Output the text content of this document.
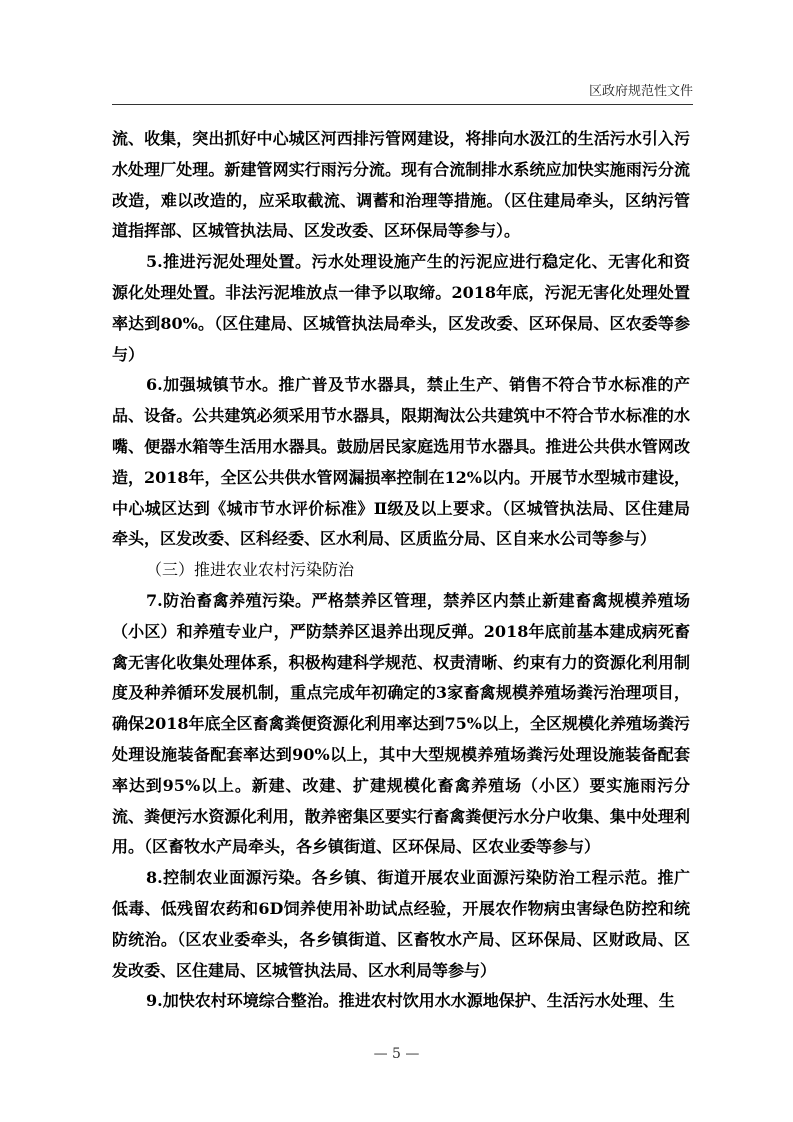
区政府规范性文件

流、收集，突出抓好中心城区河西排污管网建设，将排向水汲江的生活污水引入污水处理厂处理。新建管网实行雨污分流。现有合流制排水系统应加快实施雨污分流改造，难以改造的，应采取截流、调蓄和治理等措施。（区住建局牵头，区纳污管道指挥部、区城管执法局、区发改委、区环保局等参与）。

5.推进污泥处理处置。污水处理设施产生的污泥应进行稳定化、无害化和资源化处理处置。非法污泥堆放点一律予以取缔。2018年底，污泥无害化处理处置率达到80%。（区住建局、区城管执法局牵头，区发改委、区环保局、区农委等参与）

6.加强城镇节水。推广普及节水器具，禁止生产、销售不符合节水标准的产品、设备。公共建筑必须采用节水器具，限期淘汰公共建筑中不符合节水标准的水嘴、便器水箱等生活用水器具。鼓励居民家庭选用节水器具。推进公共供水管网改造，2018年，全区公共供水管网漏损率控制在12%以内。开展节水型城市建设，中心城区达到《城市节水评价标准》Ⅱ级及以上要求。（区城管执法局、区住建局牵头，区发改委、区科经委、区水利局、区质监分局、区自来水公司等参与）

（三）推进农业农村污染防治

7.防治畜禽养殖污染。严格禁养区管理，禁养区内禁止新建畜禽规模养殖场（小区）和养殖专业户，严防禁养区退养出现反弹。2018年底前基本建成病死畜禽无害化收集处理体系，积极构建科学规范、权责清晰、约束有力的资源化利用制度及种养循环发展机制，重点完成年初确定的3家畜禽规模养殖场粪污治理项目，确保2018年底全区畜禽粪便资源化利用率达到75%以上，全区规模化养殖场粪污处理设施装备配套率达到90%以上，其中大型规模养殖场粪污处理设施装备配套率达到95%以上。新建、改建、扩建规模化畜禽养殖场（小区）要实施雨污分流、粪便污水资源化利用，散养密集区要实行畜禽粪便污水分户收集、集中处理利用。（区畜牧水产局牵头，各乡镇街道、区环保局、区农业委等参与）

8.控制农业面源污染。各乡镇、街道开展农业面源污染防治工程示范。推广低毒、低残留农药和6D饲养使用补助试点经验，开展农作物病虫害绿色防控和统防统治。（区农业委牵头，各乡镇街道、区畜牧水产局、区环保局、区财政局、区发改委、区住建局、区城管执法局、区水利局等参与）

9.加快农村环境综合整治。推进农村饮用水水源地保护、生活污水处理、生

— 5 —
